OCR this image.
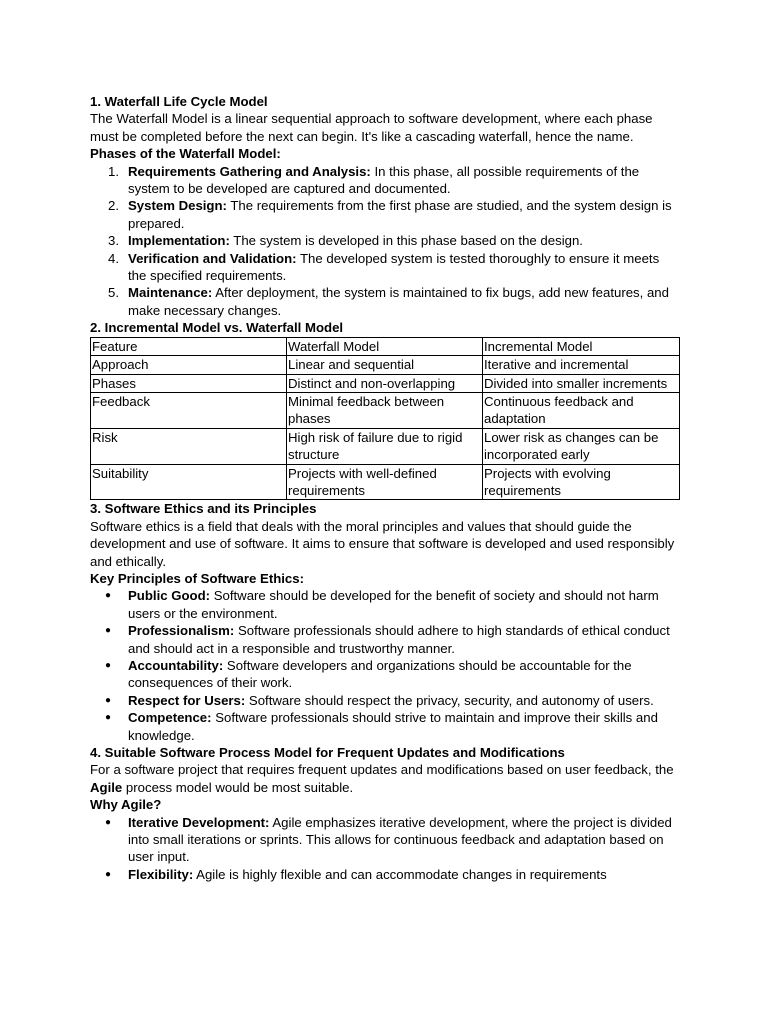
1. Waterfall Life Cycle Model

The Waterfall Model is a linear sequential approach to software development, where each phase must be completed before the next can begin. It's like a cascading waterfall, hence the name.

Phases of the Waterfall Model:

1. Requirements Gathering and Analysis: In this phase, all possible requirements of the system to be developed are captured and documented.
2. System Design: The requirements from the first phase are studied, and the system design is prepared.
3. Implementation: The system is developed in this phase based on the design.
4. Verification and Validation: The developed system is tested thoroughly to ensure it meets the specified requirements.
5. Maintenance: After deployment, the system is maintained to fix bugs, add new features, and make necessary changes.

2. Incremental Model vs. Waterfall Model

Feature	Waterfall Model	Incremental Model
Approach	Linear and sequential	Iterative and incremental
Phases	Distinct and non-overlapping	Divided into smaller increments
Feedback	Minimal feedback between phases	Continuous feedback and adaptation
Risk	High risk of failure due to rigid structure	Lower risk as changes can be incorporated early
Suitability	Projects with well-defined requirements	Projects with evolving requirements

3. Software Ethics and its Principles

Software ethics is a field that deals with the moral principles and values that should guide the development and use of software. It aims to ensure that software is developed and used responsibly and ethically.

Key Principles of Software Ethics:

● Public Good: Software should be developed for the benefit of society and should not harm users or the environment.
● Professionalism: Software professionals should adhere to high standards of ethical conduct and should act in a responsible and trustworthy manner.
● Accountability: Software developers and organizations should be accountable for the consequences of their work.
● Respect for Users: Software should respect the privacy, security, and autonomy of users.
● Competence: Software professionals should strive to maintain and improve their skills and knowledge.

4. Suitable Software Process Model for Frequent Updates and Modifications

For a software project that requires frequent updates and modifications based on user feedback, the Agile process model would be most suitable.

Why Agile?

● Iterative Development: Agile emphasizes iterative development, where the project is divided into small iterations or sprints. This allows for continuous feedback and adaptation based on user input.
● Flexibility: Agile is highly flexible and can accommodate changes in requirements
